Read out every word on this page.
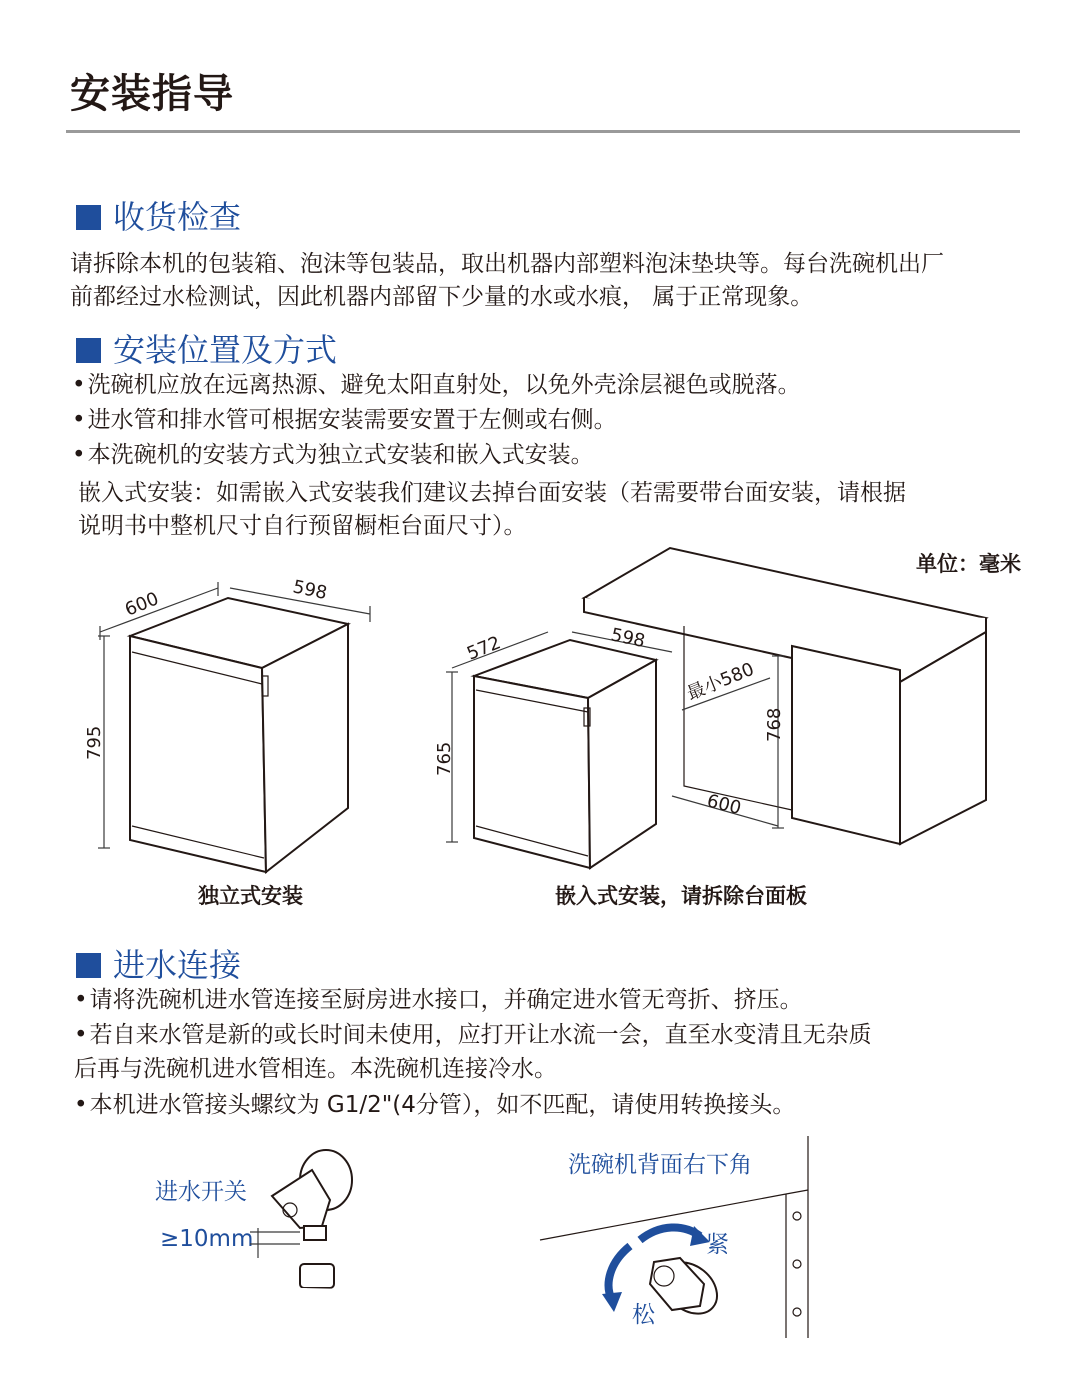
安装指导
收货检查
请拆除本机的包装箱、泡沫等包装品，取出机器内部塑料泡沫垫块等。每台洗碗机出厂
前都经过水检测试，因此机器内部留下少量的水或水痕， 属于正常现象。
安装位置及方式
• 洗碗机应放在远离热源、避免太阳直射处，以免外壳涂层褪色或脱落。
• 进水管和排水管可根据安装需要安置于左侧或右侧。
• 本洗碗机的安装方式为独立式安装和嵌入式安装。
嵌入式安装：如需嵌入式安装我们建议去掉台面安装（若需要带台面安装，请根据
说明书中整机尺寸自行预留橱柜台面尺寸）。
单位：毫米
600	598
795
572	598
765
最小580
768
600
独立式安装	嵌入式安装，请拆除台面板
进水连接
• 请将洗碗机进水管连接至厨房进水接口，并确定进水管无弯折、挤压。
• 若自来水管是新的或长时间未使用，应打开让水流一会，直至水变清且无杂质
后再与洗碗机进水管相连。本洗碗机连接冷水。
• 本机进水管接头螺纹为 G1/2"(4分管），如不匹配，请使用转换接头。
进水开关
≥10mm
洗碗机背面右下角
紧
松
